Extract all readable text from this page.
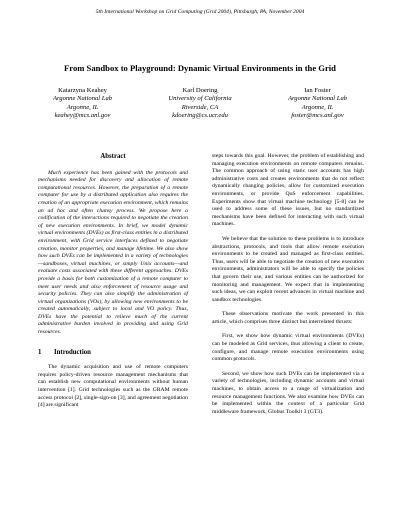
5th International Workshop on Grid Computing (Grid 2004), Pittsburgh, PA, November 2004
From Sandbox to Playground: Dynamic Virtual Environments in the Grid
Katarzyna Keahey
Argonne National Lab
Argonne, IL
keahey@mcs.anl.gov
Karl Doering
University of California
Riverside, CA
kdoering@cs.ucr.edu
Ian Foster
Argonne National Lab
Argonne, IL
foster@mcs.anl.gov
Abstract

Much experience has been gained with the protocols and mechanisms needed for discovery and allocation of remote computational resources. However, the preparation of a remote computer for use by a distributed application also requires the creation of an appropriate execution environment, which remains an ad hoc and often clumsy process. We propose here a codification of the interactions required to negotiate the creation of new execution environments. In brief, we model dynamic virtual environments (DVEs) as first-class entities in a distributed environment, with Grid service interfaces defined to negotiate creation, monitor properties, and manage lifetime. We also show how such DVEs can be implemented in a variety of technologies—sandboxes, virtual machines, or simply Unix accounts—and evaluate costs associated with these different approaches. DVEs provide a basis for both customization of a remote computer to meet user needs and also enforcement of resource usage and security policies. They can also simplify the administration of virtual organizations (VOs), by allowing new environments to be created automatically, subject to local and VO policy. Thus, DVEs have the potential to relieve much of the current administrative burden involved in providing and using Grid resources.

1 Introduction

The dynamic acquisition and use of remote computers requires policy-driven resource management mechanisms that can establish new computational environments without human intervention [1]. Grid technologies such as the GRAM remote access protocol [2], single-sign-on [3], and agreement negotiation [4] are significant

steps towards this goal. However, the problem of establishing and managing execution environments on remote computers remains. The common approach of using static user accounts has high administrative costs and creates environments that do not reflect dynamically changing policies, allow for customized execution environments, or provide QoS enforcement capabilities. Experiments show that virtual machine technology [5-8] can be used to address some of these issues, but no standardized mechanisms have been defined for interacting with such virtual machines.

We believe that the solution to these problems is to introduce abstractions, protocols, and tools that allow remote execution environments to be created and managed as first-class entities. Thus, users will be able to negotiate the creation of new execution environments, administrators will be able to specify the policies that govern their use, and various entities can be authorized for monitoring and management. We expect that in implementing such ideas, we can exploit recent advances in virtual machine and sandbox technologies.

These observations motivate the work presented in this article, which comprises three distinct but interrelated thrusts:

First, we show how dynamic virtual environments (DVEs) can be modeled as Grid services, thus allowing a client to create, configure, and manage remote execution environments using common protocols.

Second, we show how such DVEs can be implemented via a variety of technologies, including dynamic accounts and virtual machines, to obtain access to a range of virtualization and resource management functions. We also examine how DVEs can be implemented within the context of a particular Grid middleware framework, Globus Toolkit 3 (GT3).
